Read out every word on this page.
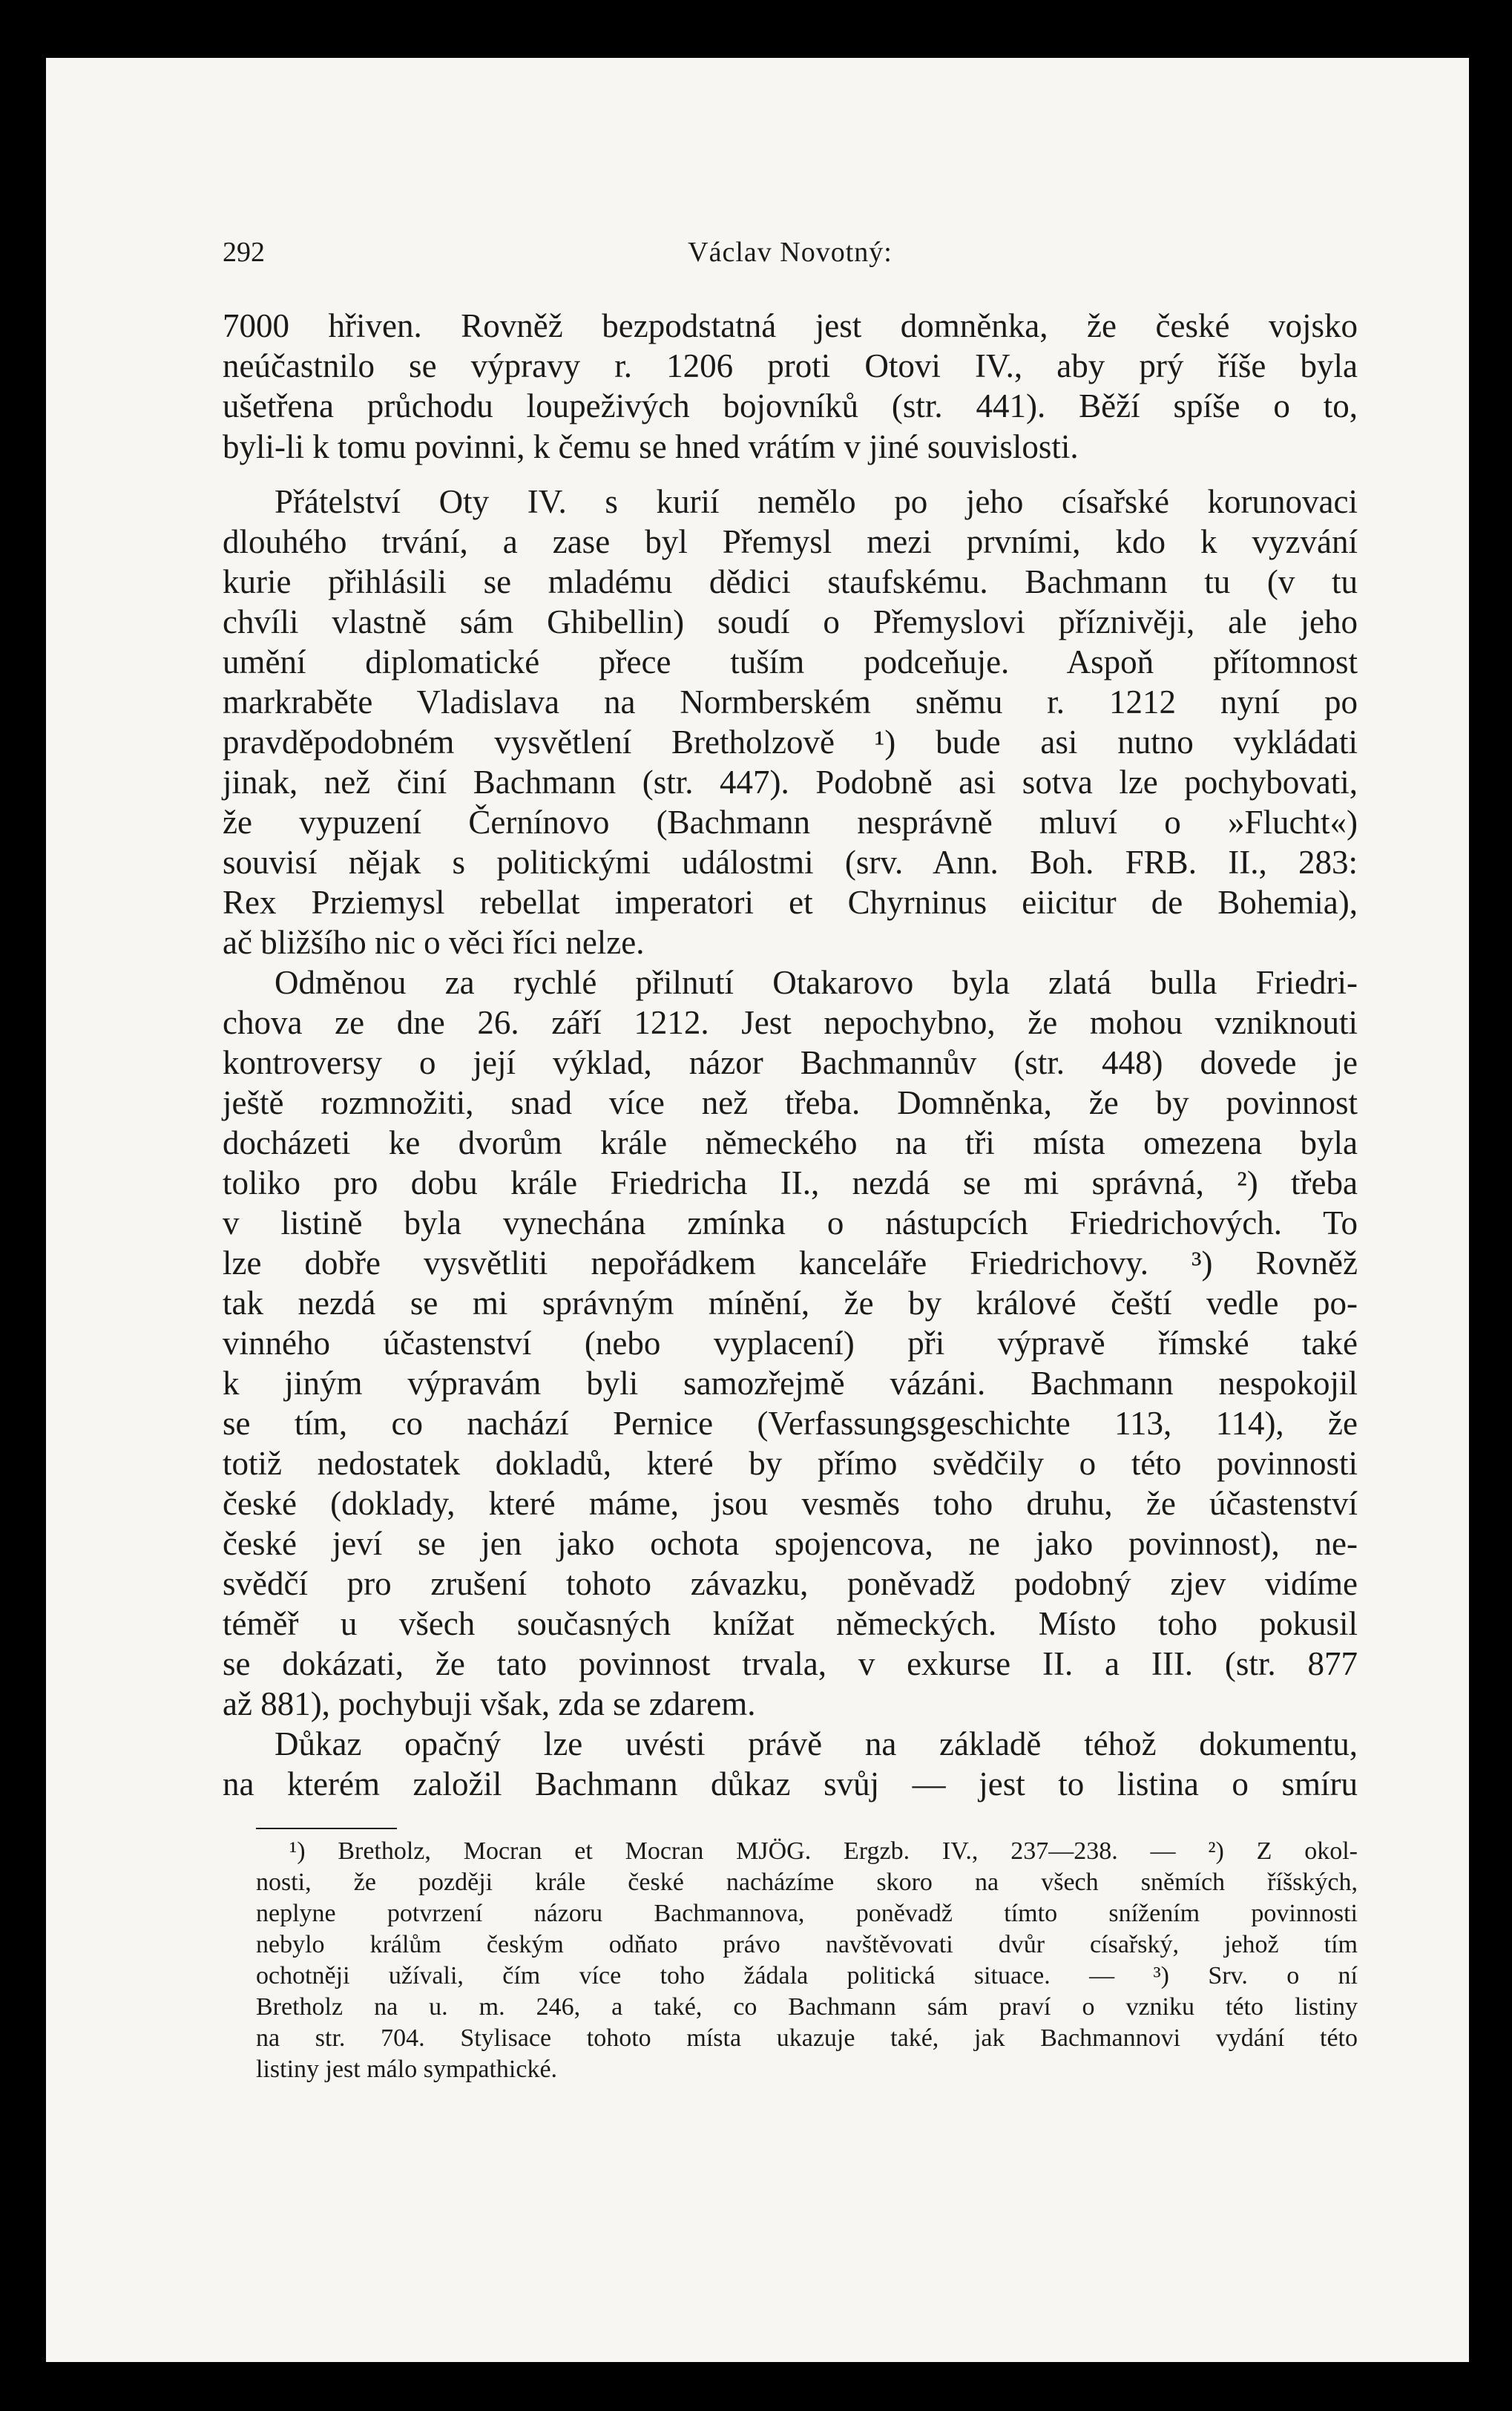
292	Václav Novotný:
7000 hřiven. Rovněž bezpodstatná jest domněnka, že české vojsko
neúčastnilo se výpravy r. 1206 proti Otovi IV., aby prý říše byla
ušetřena průchodu loupeživých bojovníků (str. 441). Běží spíše o to,
byli-li k tomu povinni, k čemu se hned vrátím v jiné souvislosti.
Přátelství Oty IV. s kurií nemělo po jeho císařské korunovaci
dlouhého trvání, a zase byl Přemysl mezi prvními, kdo k vyzvání
kurie přihlásili se mladému dědici staufskému. Bachmann tu (v tu
chvíli vlastně sám Ghibellin) soudí o Přemyslovi příznivěji, ale jeho
umění diplomatické přece tuším podceňuje. Aspoň přítomnost
markraběte Vladislava na Normberském sněmu r. 1212 nyní po
pravděpodobném vysvětlení Bretholzově ¹) bude asi nutno vykládati
jinak, než činí Bachmann (str. 447). Podobně asi sotva lze pochybovati,
že vypuzení Černínovo (Bachmann nesprávně mluví o »Flucht«)
souvisí nějak s politickými událostmi (srv. Ann. Boh. FRB. II., 283:
Rex Prziemysl rebellat imperatori et Chyrninus eiicitur de Bohemia),
ač bližšího nic o věci říci nelze.
Odměnou za rychlé přilnutí Otakarovo byla zlatá bulla Friedri-
chova ze dne 26. září 1212. Jest nepochybno, že mohou vzniknouti
kontroversy o její výklad, názor Bachmannův (str. 448) dovede je
ještě rozmnožiti, snad více než třeba. Domněnka, že by povinnost
docházeti ke dvorům krále německého na tři místa omezena byla
toliko pro dobu krále Friedricha II., nezdá se mi správná, ²) třeba
v listině byla vynechána zmínka o nástupcích Friedrichových. To
lze dobře vysvětliti nepořádkem kanceláře Friedrichovy. ³) Rovněž
tak nezdá se mi správným mínění, že by králové čeští vedle po-
vinného účastenství (nebo vyplacení) při výpravě římské také
k jiným výpravám byli samozřejmě vázáni. Bachmann nespokojil
se tím, co nachází Pernice (Verfassungsgeschichte 113, 114), že
totiž nedostatek dokladů, které by přímo svědčily o této povinnosti
české (doklady, které máme, jsou vesměs toho druhu, že účastenství
české jeví se jen jako ochota spojencova, ne jako povinnost), ne-
svědčí pro zrušení tohoto závazku, poněvadž podobný zjev vidíme
téměř u všech současných knížat německých. Místo toho pokusil
se dokázati, že tato povinnost trvala, v exkurse II. a III. (str. 877
až 881), pochybuji však, zda se zdarem.
Důkaz opačný lze uvésti právě na základě téhož dokumentu,
na kterém založil Bachmann důkaz svůj — jest to listina o smíru
¹) Bretholz, Mocran et Mocran MJÖG. Ergzb. IV., 237—238. — ²) Z okol-
nosti, že později krále české nacházíme skoro na všech sněmích říšských,
neplyne potvrzení názoru Bachmannova, poněvadž tímto snížením povinnosti
nebylo králům českým odňato právo navštěvovati dvůr císařský, jehož tím
ochotněji užívali, čím více toho žádala politická situace. — ³) Srv. o ní
Bretholz na u. m. 246, a také, co Bachmann sám praví o vzniku této listiny
na str. 704. Stylisace tohoto místa ukazuje také, jak Bachmannovi vydání této
listiny jest málo sympathické.
